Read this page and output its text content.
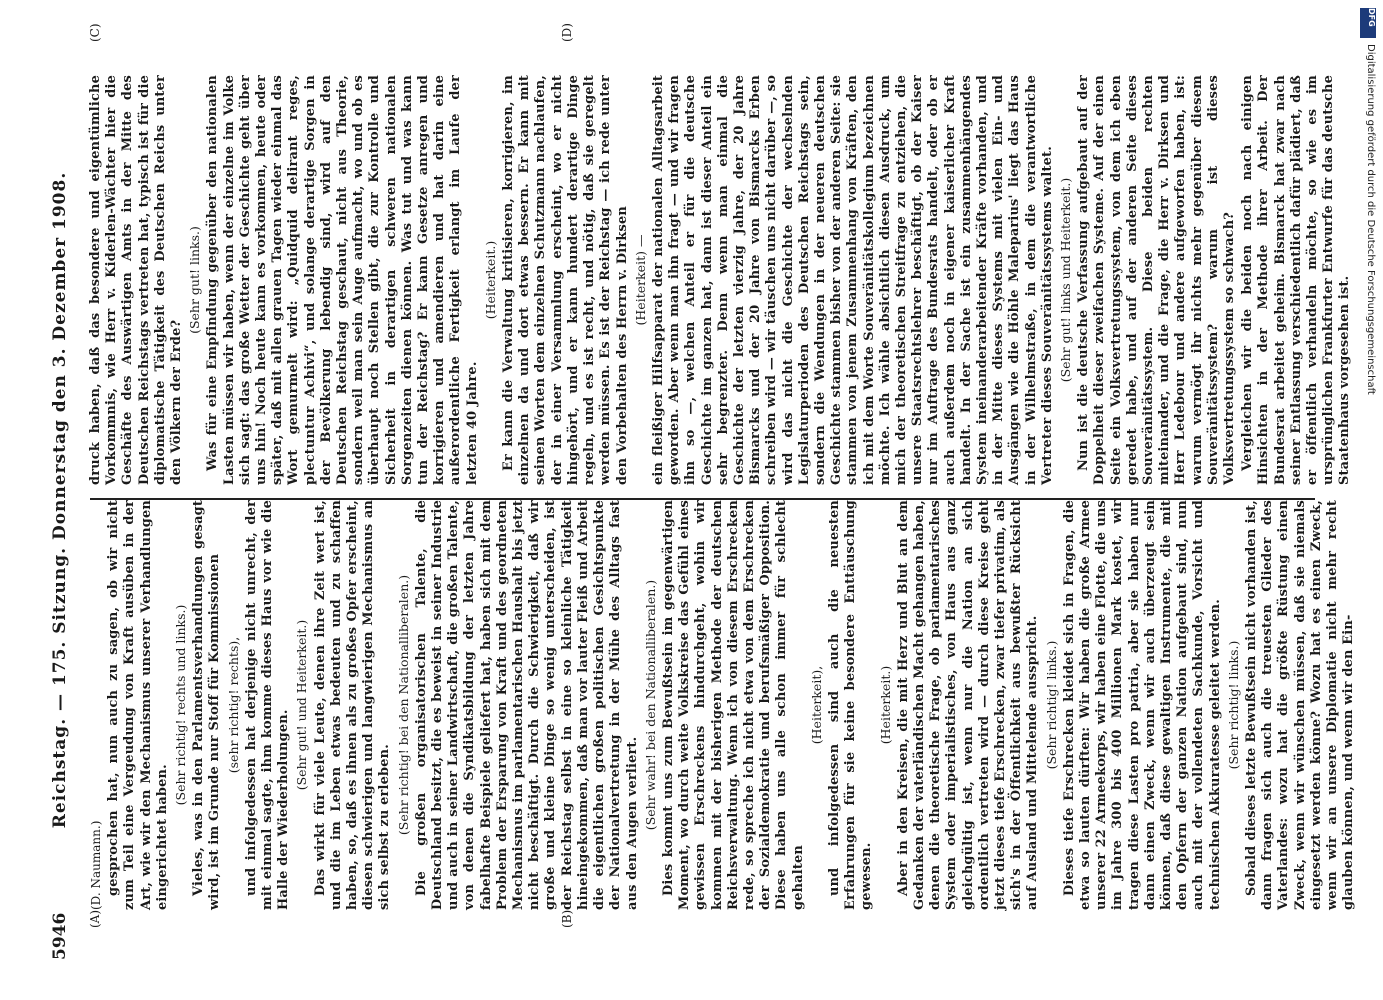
5946
Reichstag. — 175. Sitzung. Donnerstag den 3. Dezember 1908.
(A)	(B)
(C)	(D)
(D. Naumann.) gesprochen hat, nun auch zu sagen, ob wir nicht zum Teil eine Vergeudung von Kraft ausüben in der Art, wie wir den Mechanismus unserer Verhandlungen eingerichtet haben.
(Sehr richtig! rechts und links.) Vieles, was in den Parlamentsverhandlungen gesagt wird, ist im Grunde nur Stoff für Kommissionen (sehr richtig! rechts), und infolgedessen hat derjenige nicht unrecht, der mit einmal sagte, ihm komme dieses Haus vor wie die Halle der Wiederholungen.
(Sehr gut! und Heiterkeit.) Das wirkt für viele Leute, denen ihre Zeit wert ist, und die im Leben etwas bedeuten und zu schaffen haben, so, daß es ihnen als zu großes Opfer erscheint, diesen schwierigen und langwierigen Mechanismus an sich selbst zu erleben. (Sehr richtig! bei den Nationalliberalen.) Die großen organisatorischen Talente, die Deutschland besitzt, die es beweist in seiner Industrie und auch in seiner Landwirtschaft, die großen Talente, von denen die Syndikatsbildung der letzten Jahre fabelhafte Beispiele geliefert hat, haben sich mit dem Problem der Ersparung von Kraft und des geordneten Mechanismus im parlamentarischen Haushalt bis jetzt nicht beschäftigt. Durch die Schwierigkeit, daß wir große und kleine Dinge so wenig unterscheiden, ist der Reichstag selbst in eine so kleinliche Tätigkeit hineingekommen, daß man vor lauter Fleiß und Arbeit die eigentlichen großen politischen Gesichtspunkte der Nationalvertretung in der Mühe des Alltags fast aus den Augen verliert. (Sehr wahr! bei den Nationalliberalen.) Dies kommt uns zum Bewußtsein im gegenwärtigen Moment, wo durch weite Volkskreise das Gefühl eines gewissen Erschreckens hindurchgeht, wohin wir kommen mit der bisherigen Methode der deutschen Reichsverwaltung. Wenn ich von diesem Erschrecken rede, so spreche ich nicht etwa von dem Erschrecken der Sozialdemokratie und berufsmäßiger Opposition. Diese haben uns alle schon immer für schlecht gehalten
(Heiterkeit), und infolgedessen sind auch die neuesten Erfahrungen für sie keine besondere Enttäuschung gewesen.
(Heiterkeit.) Aber in den Kreisen, die mit Herz und Blut an dem Gedanken der vaterländischen Macht gehangen haben, denen die theoretische Frage, ob parlamentarisches System oder imperialistisches, von Haus aus ganz gleichgültig ist, wenn nur die Nation an sich ordentlich vertreten wird — durch diese Kreise geht jetzt dieses tiefe Erschrecken, zwar tiefer privatim, als sich's in der Öffentlichkeit aus bewußter Rücksicht auf Ausland und Mittelende ausspricht. (Sehr richtig! links.) Dieses tiefe Erschrecken kleidet sich in Fragen, die etwa so lauten dürften: Wir haben die große Armee unserer 22 Armeekorps, wir haben eine Flotte, die uns im Jahre 300 bis 400 Millionen Mark kostet, wir tragen diese Lasten pro patria, aber sie haben nur dann einen Zweck, wenn wir auch überzeugt sein können, daß diese gewaltigen Instrumente, die mit den Opfern der ganzen Nation aufgebaut sind, nun auch mit der vollendeten Sachkunde, Vorsicht und technischen Akkuratesse geleitet werden. (Sehr richtig! links.) Sobald dieses letzte Bewußtsein nicht vorhanden ist, dann fragen sich auch die treuesten Glieder des Vaterlandes: wozu hat die größte Rüstung einen Zweck, wenn wir wünschen müssen, daß sie niemals eingesetzt werden könne? Wozu hat es einen Zweck, wenn wir an unsere Diplomatie nicht mehr recht glauben können, und wenn wir den Ein-
druck haben, daß das besondere und eigentümliche Vorkommnis, wie Herr v. Kiderlen-Wächter hier die Geschäfte des Auswärtigen Amts in der Mitte des Deutschen Reichstags vertreten hat, typisch ist für die diplomatische Tätigkeit des Deutschen Reichs unter den Völkern der Erde?
(Sehr gut! links.) Was für eine Empfindung gegenüber den nationalen Lasten müssen wir haben, wenn der einzelne im Volke sich sagt: das große Wetter der Geschichte geht über uns hin! Noch heute kann es vorkommen, heute oder später, daß mit allen grauen Tagen wieder einmal das Wort gemurmelt wird: „Quidquid delirant reges, plectuntur Achivi“, und solange derartige Sorgen in der Bevölkerung lebendig sind, wird auf den Deutschen Reichstag geschaut, nicht aus Theorie, sondern weil man sein Auge aufmacht, wo und ob es überhaupt noch Stellen gibt, die zur Kontrolle und Sicherheit in derartigen schweren nationalen Sorgenzeiten dienen können. Was tut und was kann tun der Reichstag? Er kann Gesetze anregen und korrigieren und amendieren und hat darin eine außerordentliche Fertigkeit erlangt im Laufe der letzten 40 Jahre.
(Heiterkeit.) Er kann die Verwaltung kritisieren, korrigieren, im einzelnen da und dort etwas bessern. Er kann mit seinen Worten dem einzelnen Schutzmann nachlaufen, der in einer Versammlung erscheint, wo er nicht hingehört, und er kann hundert derartige Dinge regeln, und es ist recht, und nötig, daß sie geregelt werden müssen. Es ist der Reichstag — ich rede unter den Vorbehalten des Herrn v. Dirksen (Heiterkeit) — ein fleißiger Hilfsapparat der nationalen Alltagsarbeit geworden. Aber wenn man ihn fragt — und wir fragen ihn so —, welchen Anteil er für die deutsche Geschichte im ganzen hat, dann ist dieser Anteil ein sehr begrenzter. Denn wenn man einmal die Geschichte der letzten vierzig Jahre, der 20 Jahre Bismarcks und der 20 Jahre von Bismarcks Erben schreiben wird — wir täuschen uns nicht darüber —, so wird das nicht die Geschichte der wechselnden Legislaturperioden des Deutschen Reichstags sein, sondern die Wendungen in der neueren deutschen Geschichte stammen bisher von der anderen Seite: sie stammen von jenem Zusammenhang von Kräften, den ich mit dem Worte Souveränitätskollegium bezeichnen möchte. Ich wähle absichtlich diesen Ausdruck, um mich der theoretischen Streitfrage zu entziehen, die unsere Staatsrechtslehrer beschäftigt, ob der Kaiser nur im Auftrage des Bundesrats handelt, oder ob er auch außerdem noch in eigener kaiserlicher Kraft handelt. In der Sache ist ein zusammenhängendes System ineinanderarbeitender Kräfte vorhanden, und in der Mitte dieses Systems mit vielen Ein- und Ausgängen wie die Höhle Maleparius' liegt das Haus in der Wilhelmstraße, in dem die verantwortliche Vertreter dieses Souveränitätssystems waltet. (Sehr gut! links und Heiterkeit.) Nun ist die deutsche Verfassung aufgebaut auf der Doppelheit dieser zweifachen Systeme. Auf der einen Seite ein Volksvertretungssystem, von dem ich eben geredet habe, und auf der anderen Seite dieses Souveränitätssystem. Diese beiden rechten miteinander, und die Frage, die Herr v. Dirksen und Herr Ledebour und andere aufgeworfen haben, ist: warum vermögt ihr nichts mehr gegenüber diesem Souveränitätssystem? warum ist dieses Volksvertretungssystem so schwach? Vergleichen wir die beiden noch nach einigen Hinsichten in der Methode ihrer Arbeit. Der Bundesrat arbeitet geheim. Bismarck hat zwar nach seiner Entlassung verschiedentlich dafür plädiert, daß er öffentlich verhandeln möchte, so wie es im ursprünglichen Frankfurter Entwurfe für das deutsche Staatenhaus vorgesehen ist.
DFG
Digitalisierung gefördert durch die Deutsche Forschungsgemeinschaft
